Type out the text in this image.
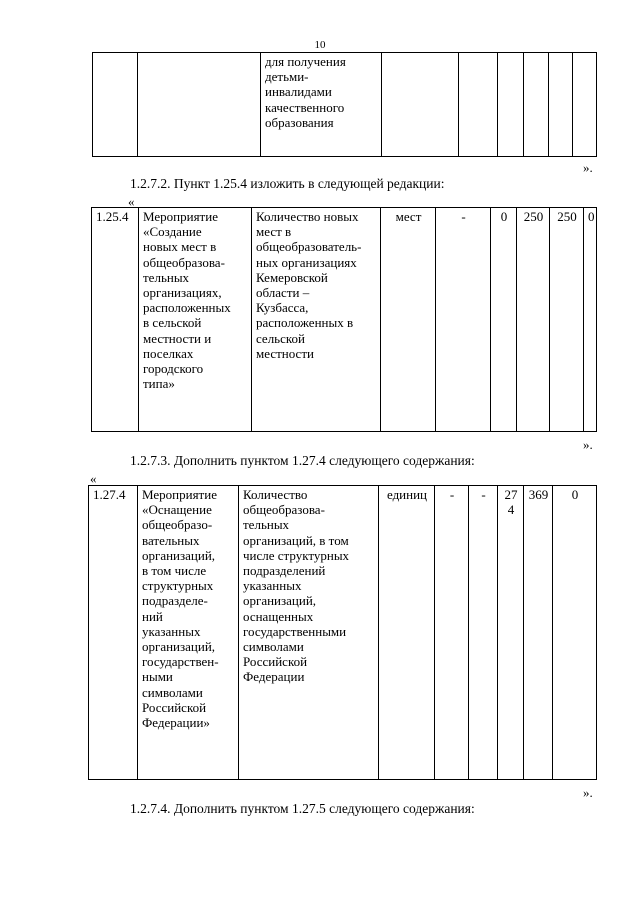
10
		для получения
детьми-
инвалидами
качественного
образования						
».
1.2.7.2. Пункт 1.25.4 изложить в следующей редакции:
«
1.25.4	Мероприятие
«Создание
новых мест в
общеобразова-
тельных
организациях,
расположенных
в сельской
местности и
поселках
городского
типа»	Количество новых
мест в
общеобразователь-
ных организациях
Кемеровской
области –
Кузбасса,
расположенных в
сельской
местности	мест	-	0	250	250	0
».
1.2.7.3. Дополнить пунктом 1.27.4 следующего содержания:
«
1.27.4	Мероприятие
«Оснащение
общеобразо-
вательных
организаций,
в том числе
структурных
подразделе-
ний
указанных
организаций,
государствен-
ными
символами
Российской
Федерации»	Количество
общеобразова-
тельных
организаций, в том
числе структурных
подразделений
указанных
организаций,
оснащенных
государственными
символами
Российской
Федерации	единиц	-	-	274	369	0
».
1.2.7.4. Дополнить пунктом 1.27.5 следующего содержания:
